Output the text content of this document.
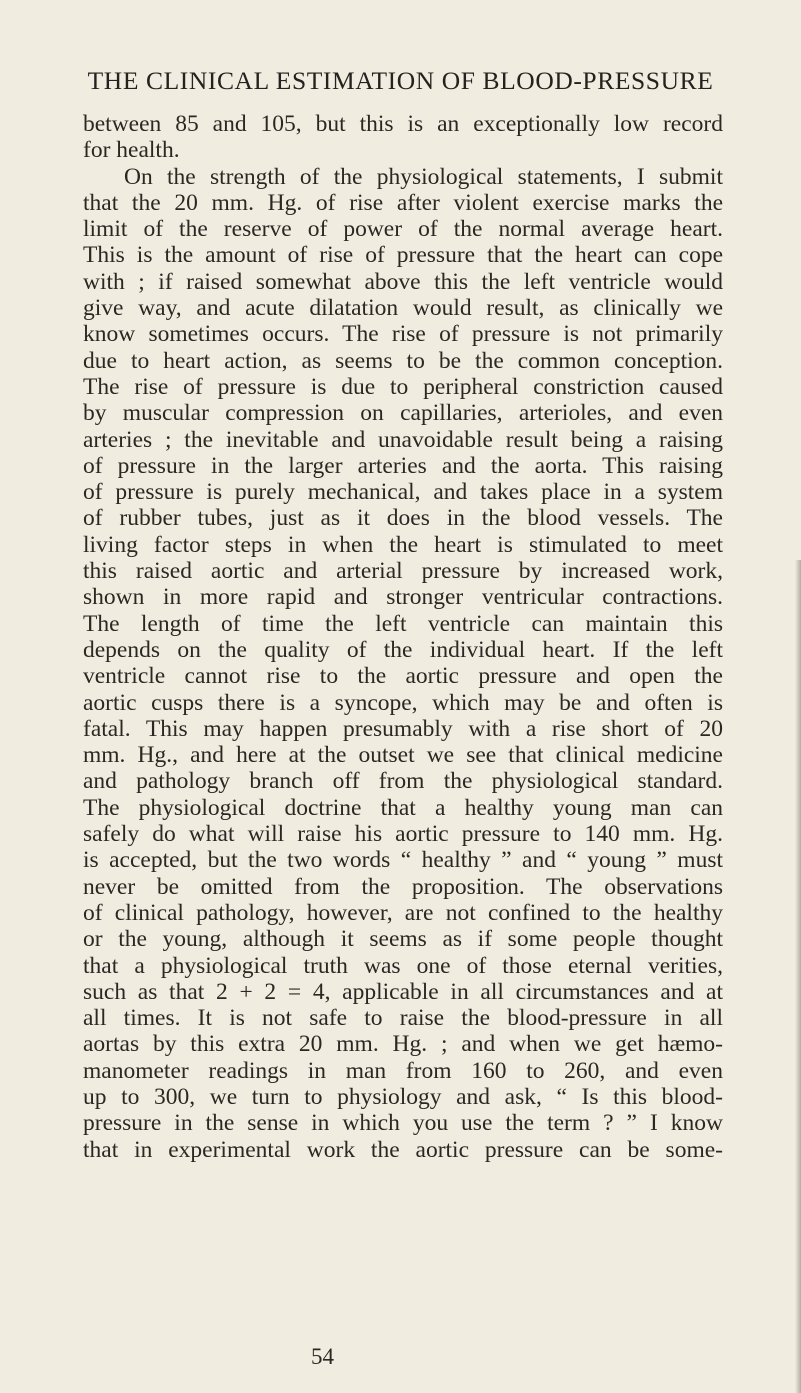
THE CLINICAL ESTIMATION OF BLOOD-PRESSURE
between 85 and 105, but this is an exceptionally low record
for health.
On the strength of the physiological statements, I submit
that the 20 mm. Hg. of rise after violent exercise marks the
limit of the reserve of power of the normal average heart.
This is the amount of rise of pressure that the heart can cope
with ; if raised somewhat above this the left ventricle would
give way, and acute dilatation would result, as clinically we
know sometimes occurs. The rise of pressure is not primarily
due to heart action, as seems to be the common conception.
The rise of pressure is due to peripheral constriction caused
by muscular compression on capillaries, arterioles, and even
arteries ; the inevitable and unavoidable result being a raising
of pressure in the larger arteries and the aorta. This raising
of pressure is purely mechanical, and takes place in a system
of rubber tubes, just as it does in the blood vessels. The
living factor steps in when the heart is stimulated to meet
this raised aortic and arterial pressure by increased work,
shown in more rapid and stronger ventricular contractions.
The length of time the left ventricle can maintain this
depends on the quality of the individual heart. If the left
ventricle cannot rise to the aortic pressure and open the
aortic cusps there is a syncope, which may be and often is
fatal. This may happen presumably with a rise short of 20
mm. Hg., and here at the outset we see that clinical medicine
and pathology branch off from the physiological standard.
The physiological doctrine that a healthy young man can
safely do what will raise his aortic pressure to 140 mm. Hg.
is accepted, but the two words “ healthy ” and “ young ” must
never be omitted from the proposition. The observations
of clinical pathology, however, are not confined to the healthy
or the young, although it seems as if some people thought
that a physiological truth was one of those eternal verities,
such as that 2 + 2 = 4, applicable in all circumstances and at
all times. It is not safe to raise the blood-pressure in all
aortas by this extra 20 mm. Hg. ; and when we get hæmo-
manometer readings in man from 160 to 260, and even
up to 300, we turn to physiology and ask, “ Is this blood-
pressure in the sense in which you use the term ? ” I know
that in experimental work the aortic pressure can be some-
54
